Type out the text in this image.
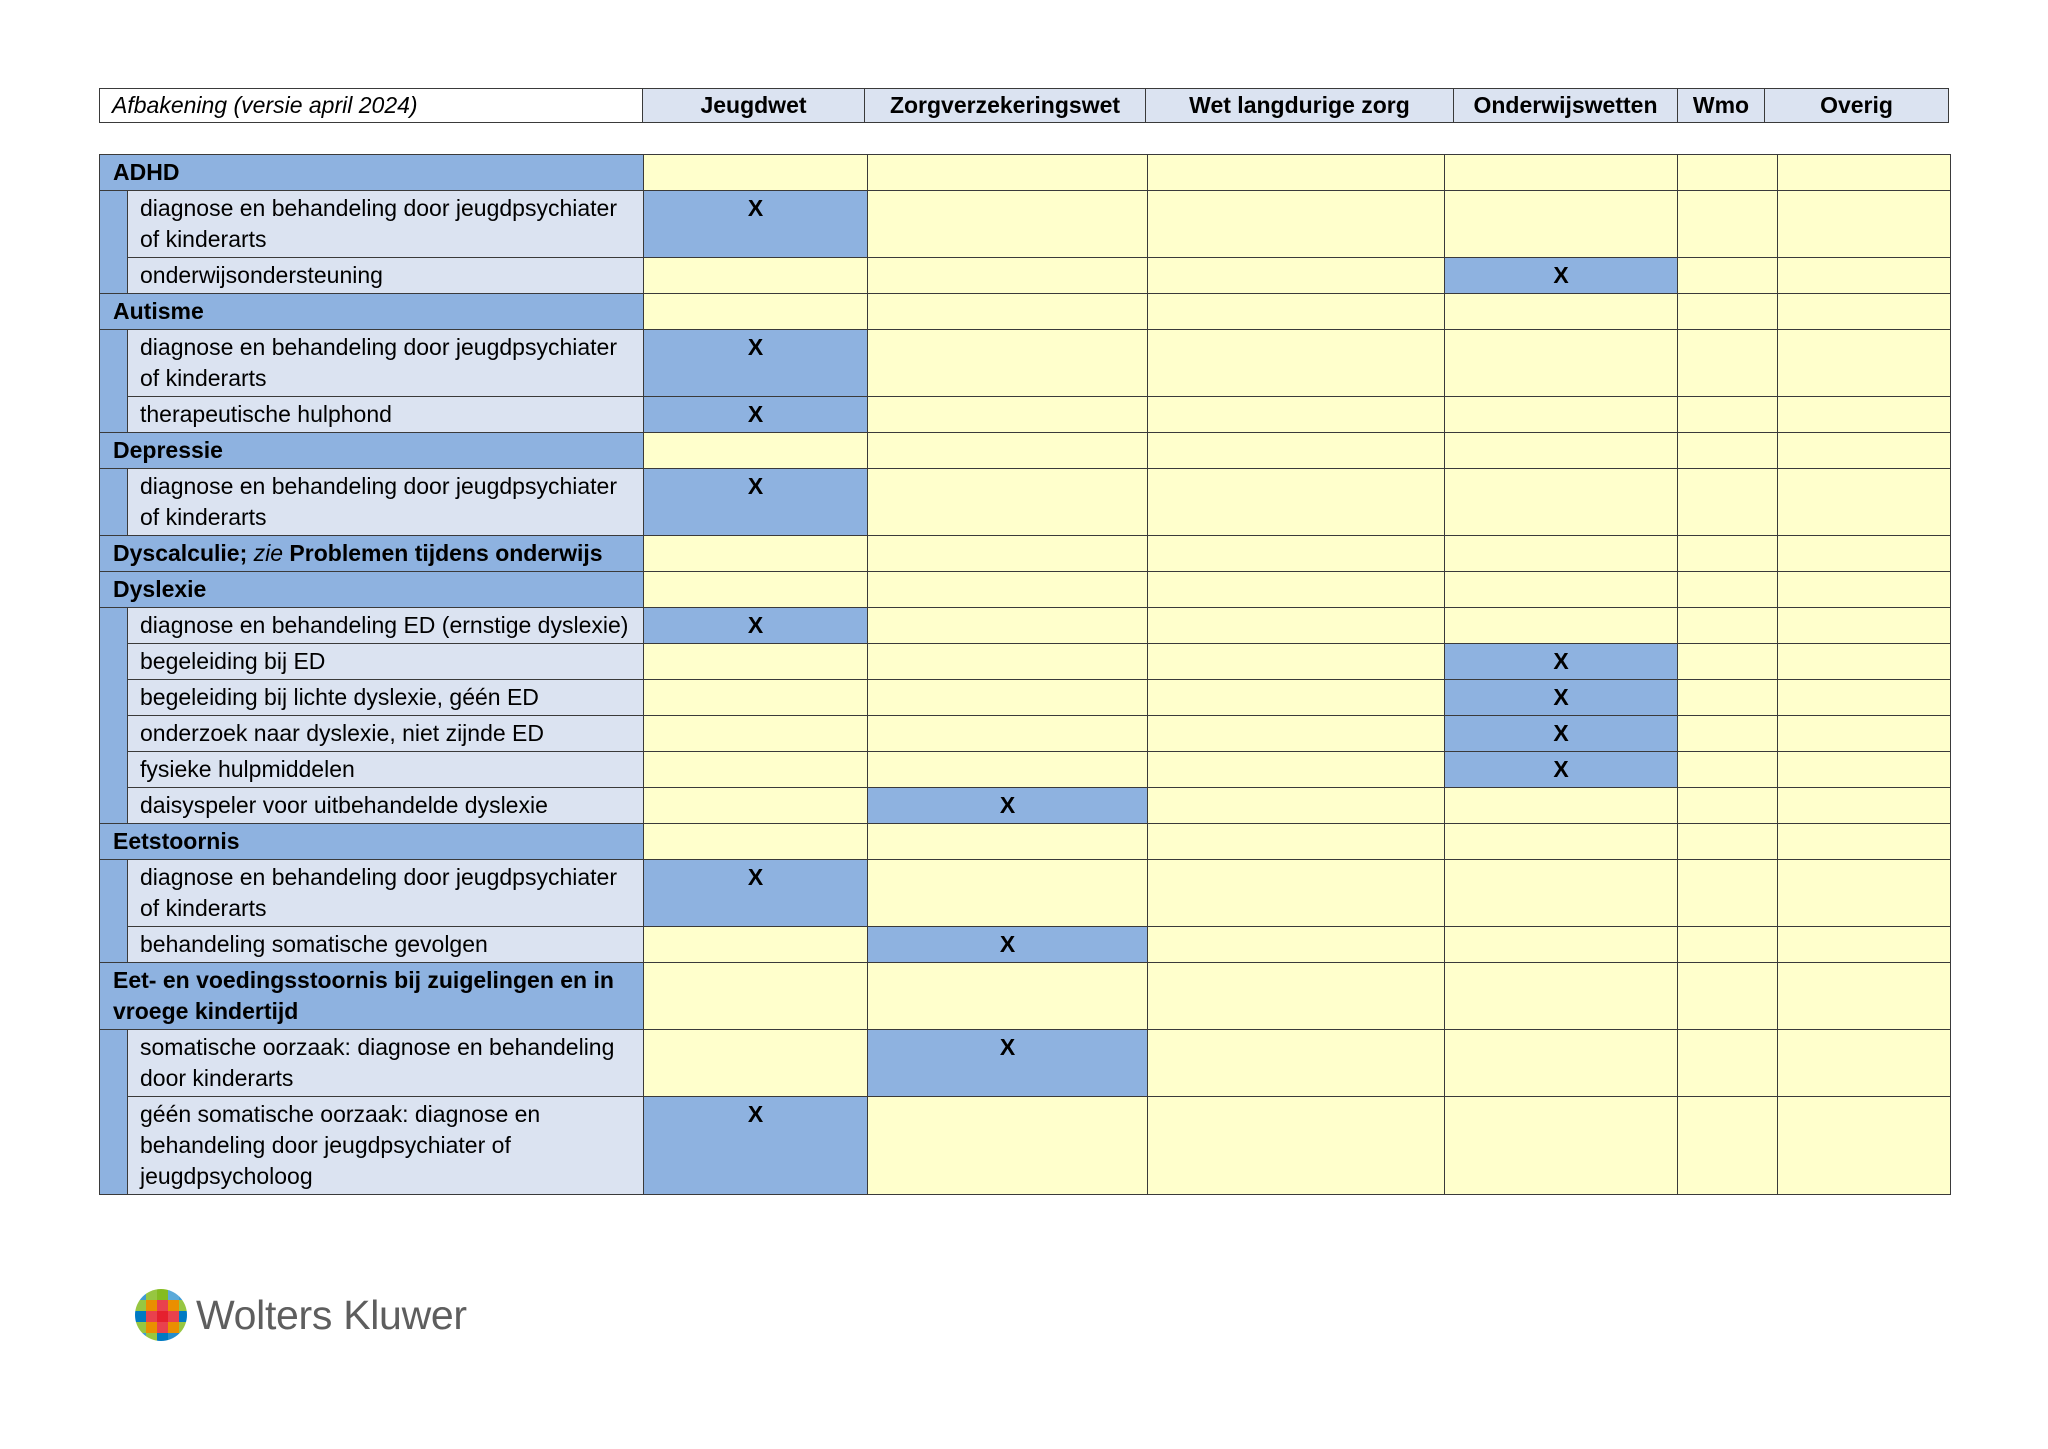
Afbakening (versie april 2024)	Jeugdwet	Zorgverzekeringswet	Wet langdurige zorg	Onderwijswetten	Wmo	Overig
ADHD							
	diagnose en behandeling door jeugdpsychiater of kinderarts	X					
	onderwijsondersteuning				X		
Autisme							
	diagnose en behandeling door jeugdpsychiater of kinderarts	X					
	therapeutische hulphond	X					
Depressie							
	diagnose en behandeling door jeugdpsychiater of kinderarts	X					
Dyscalculie; zie Problemen tijdens onderwijs							
Dyslexie							
	diagnose en behandeling ED (ernstige dyslexie)	X					
	begeleiding bij ED				X		
	begeleiding bij lichte dyslexie, géén ED				X		
	onderzoek naar dyslexie, niet zijnde ED				X		
	fysieke hulpmiddelen				X		
	daisyspeler voor uitbehandelde dyslexie		X				
Eetstoornis							
	diagnose en behandeling door jeugdpsychiater of kinderarts	X					
	behandeling somatische gevolgen		X				
Eet- en voedingsstoornis bij zuigelingen en in vroege kindertijd							
	somatische oorzaak: diagnose en behandeling door kinderarts		X				
	géén somatische oorzaak: diagnose en behandeling door jeugdpsychiater of jeugdpsycholoog	X					
Wolters Kluwer
